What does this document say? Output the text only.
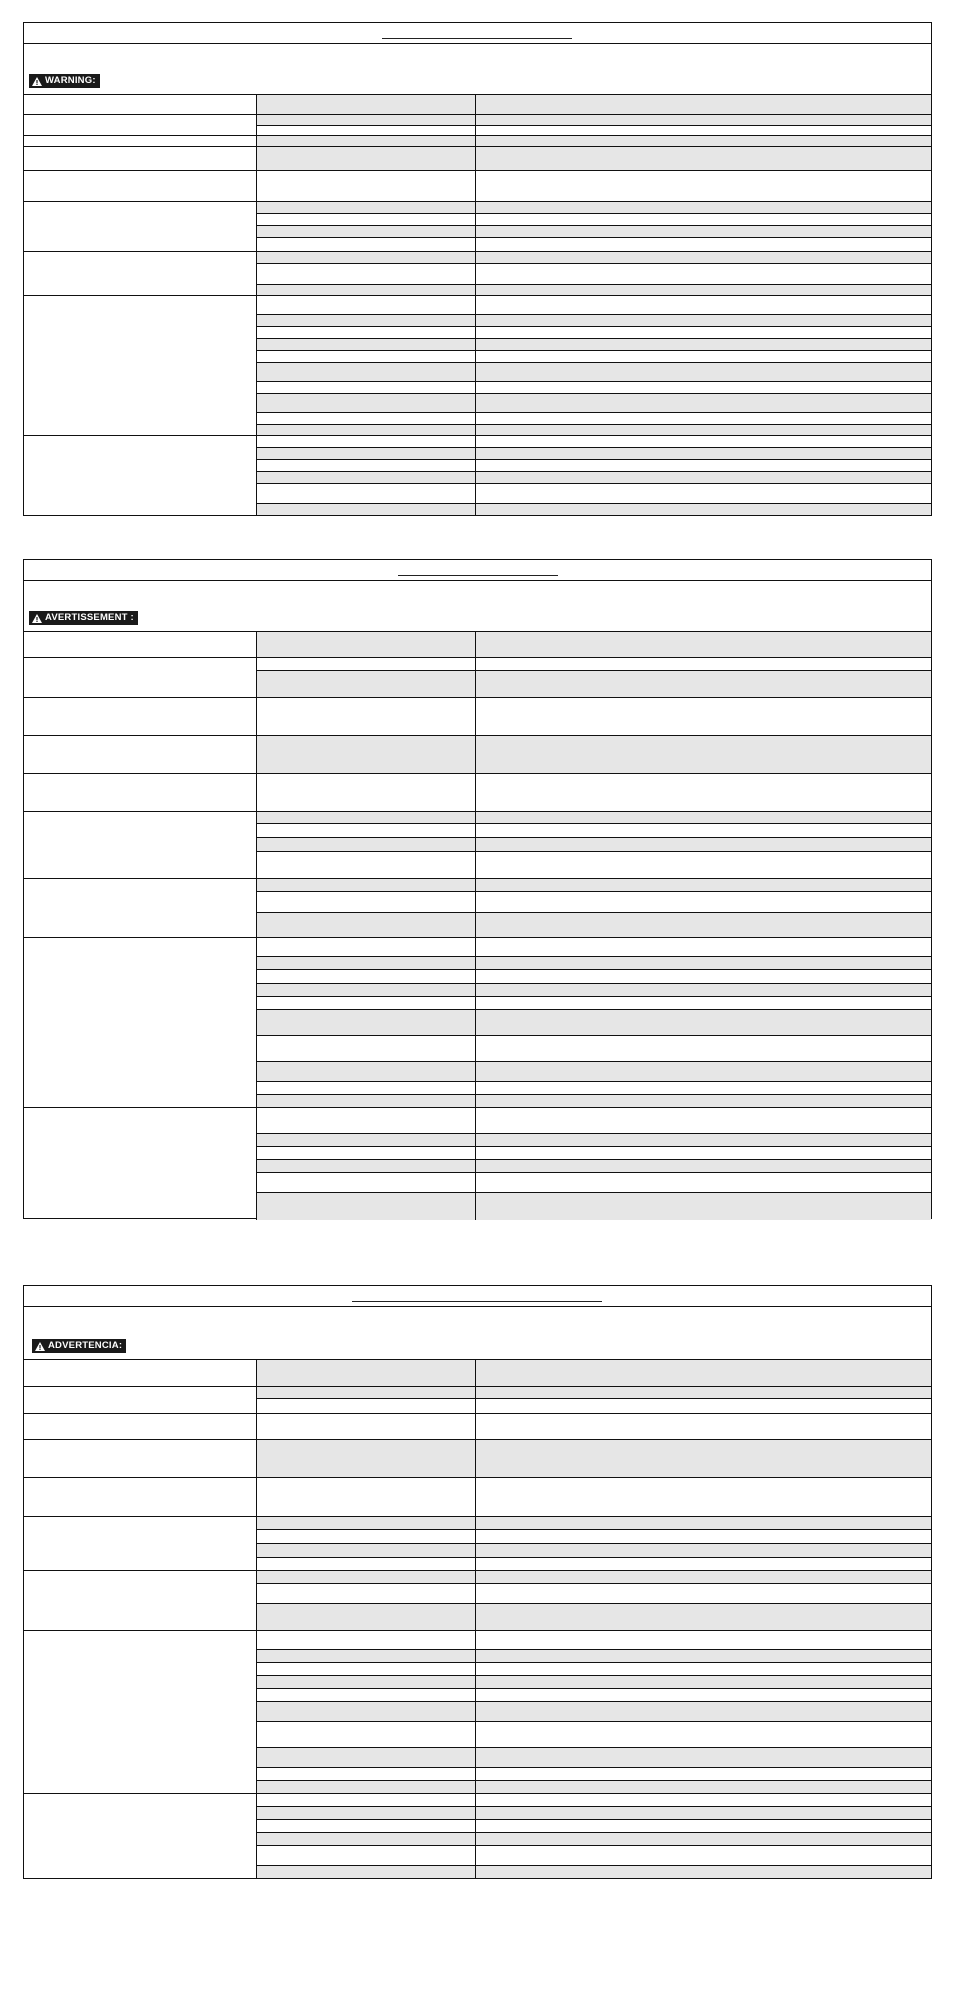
WARNING:
AVERTISSEMENT :
ADVERTENCIA:
